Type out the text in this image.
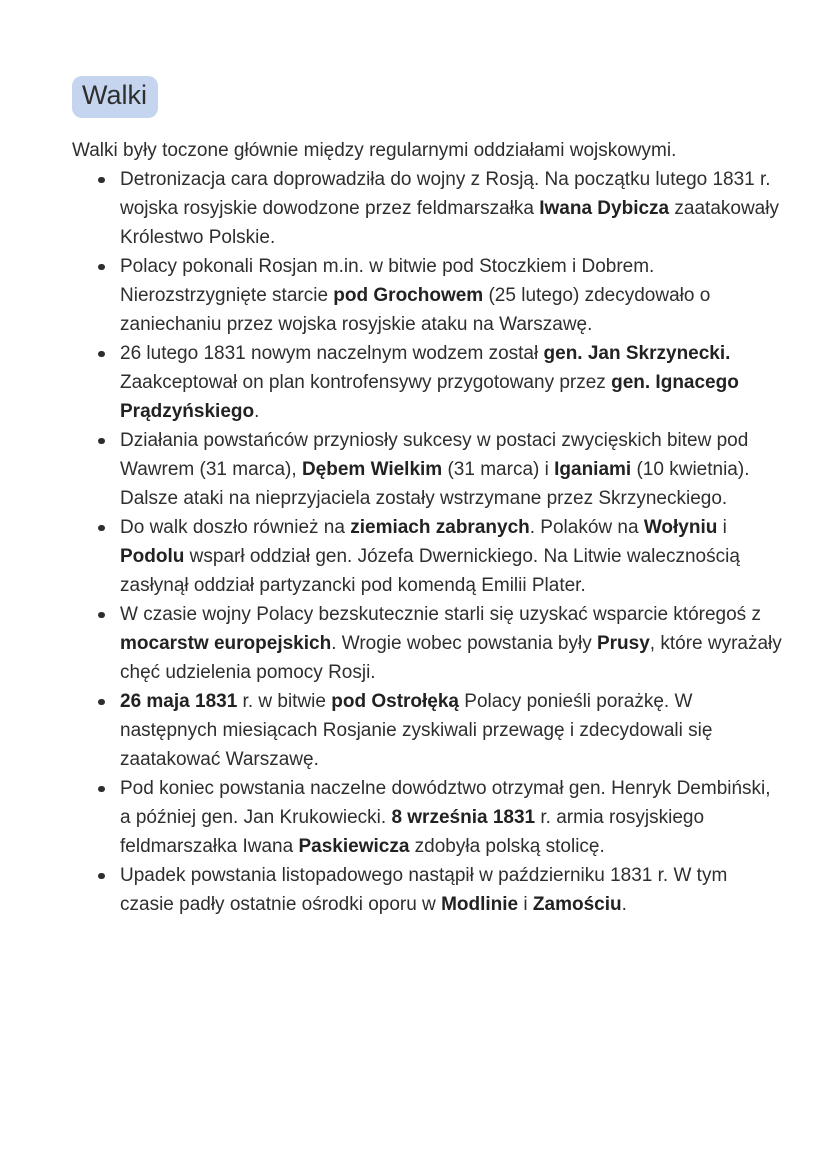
Walki

Walki były toczone głównie między regularnymi oddziałami wojskowymi.

Detronizacja cara doprowadziła do wojny z Rosją. Na początku lutego 1831 r. wojska rosyjskie dowodzone przez feldmarszałka Iwana Dybicza zaatakowały Królestwo Polskie.
Polacy pokonali Rosjan m.in. w bitwie pod Stoczkiem i Dobrem. Nierozstrzygnięte starcie pod Grochowem (25 lutego) zdecydowało o zaniechaniu przez wojska rosyjskie ataku na Warszawę.
26 lutego 1831 nowym naczelnym wodzem został gen. Jan Skrzynecki. Zaakceptował on plan kontrofensywy przygotowany przez gen. Ignacego Prądzyńskiego.
Działania powstańców przyniosły sukcesy w postaci zwycięskich bitew pod Wawrem (31 marca), Dębem Wielkim (31 marca) i Iganiami (10 kwietnia). Dalsze ataki na nieprzyjaciela zostały wstrzymane przez Skrzyneckiego.
Do walk doszło również na ziemiach zabranych. Polaków na Wołyniu i Podolu wsparł oddział gen. Józefa Dwernickiego. Na Litwie walecznością zasłynął oddział partyzancki pod komendą Emilii Plater.
W czasie wojny Polacy bezskutecznie starli się uzyskać wsparcie któregoś z mocarstw europejskich. Wrogie wobec powstania były Prusy, które wyrażały chęć udzielenia pomocy Rosji.
26 maja 1831 r. w bitwie pod Ostrołęką Polacy ponieśli porażkę. W następnych miesiącach Rosjanie zyskiwali przewagę i zdecydowali się zaatakować Warszawę.
Pod koniec powstania naczelne dowództwo otrzymał gen. Henryk Dembiński, a później gen. Jan Krukowiecki. 8 września 1831 r. armia rosyjskiego feldmarszałka Iwana Paskiewicza zdobyła polską stolicę.
Upadek powstania listopadowego nastąpił w październiku 1831 r. W tym czasie padły ostatnie ośrodki oporu w Modlinie i Zamościu.
